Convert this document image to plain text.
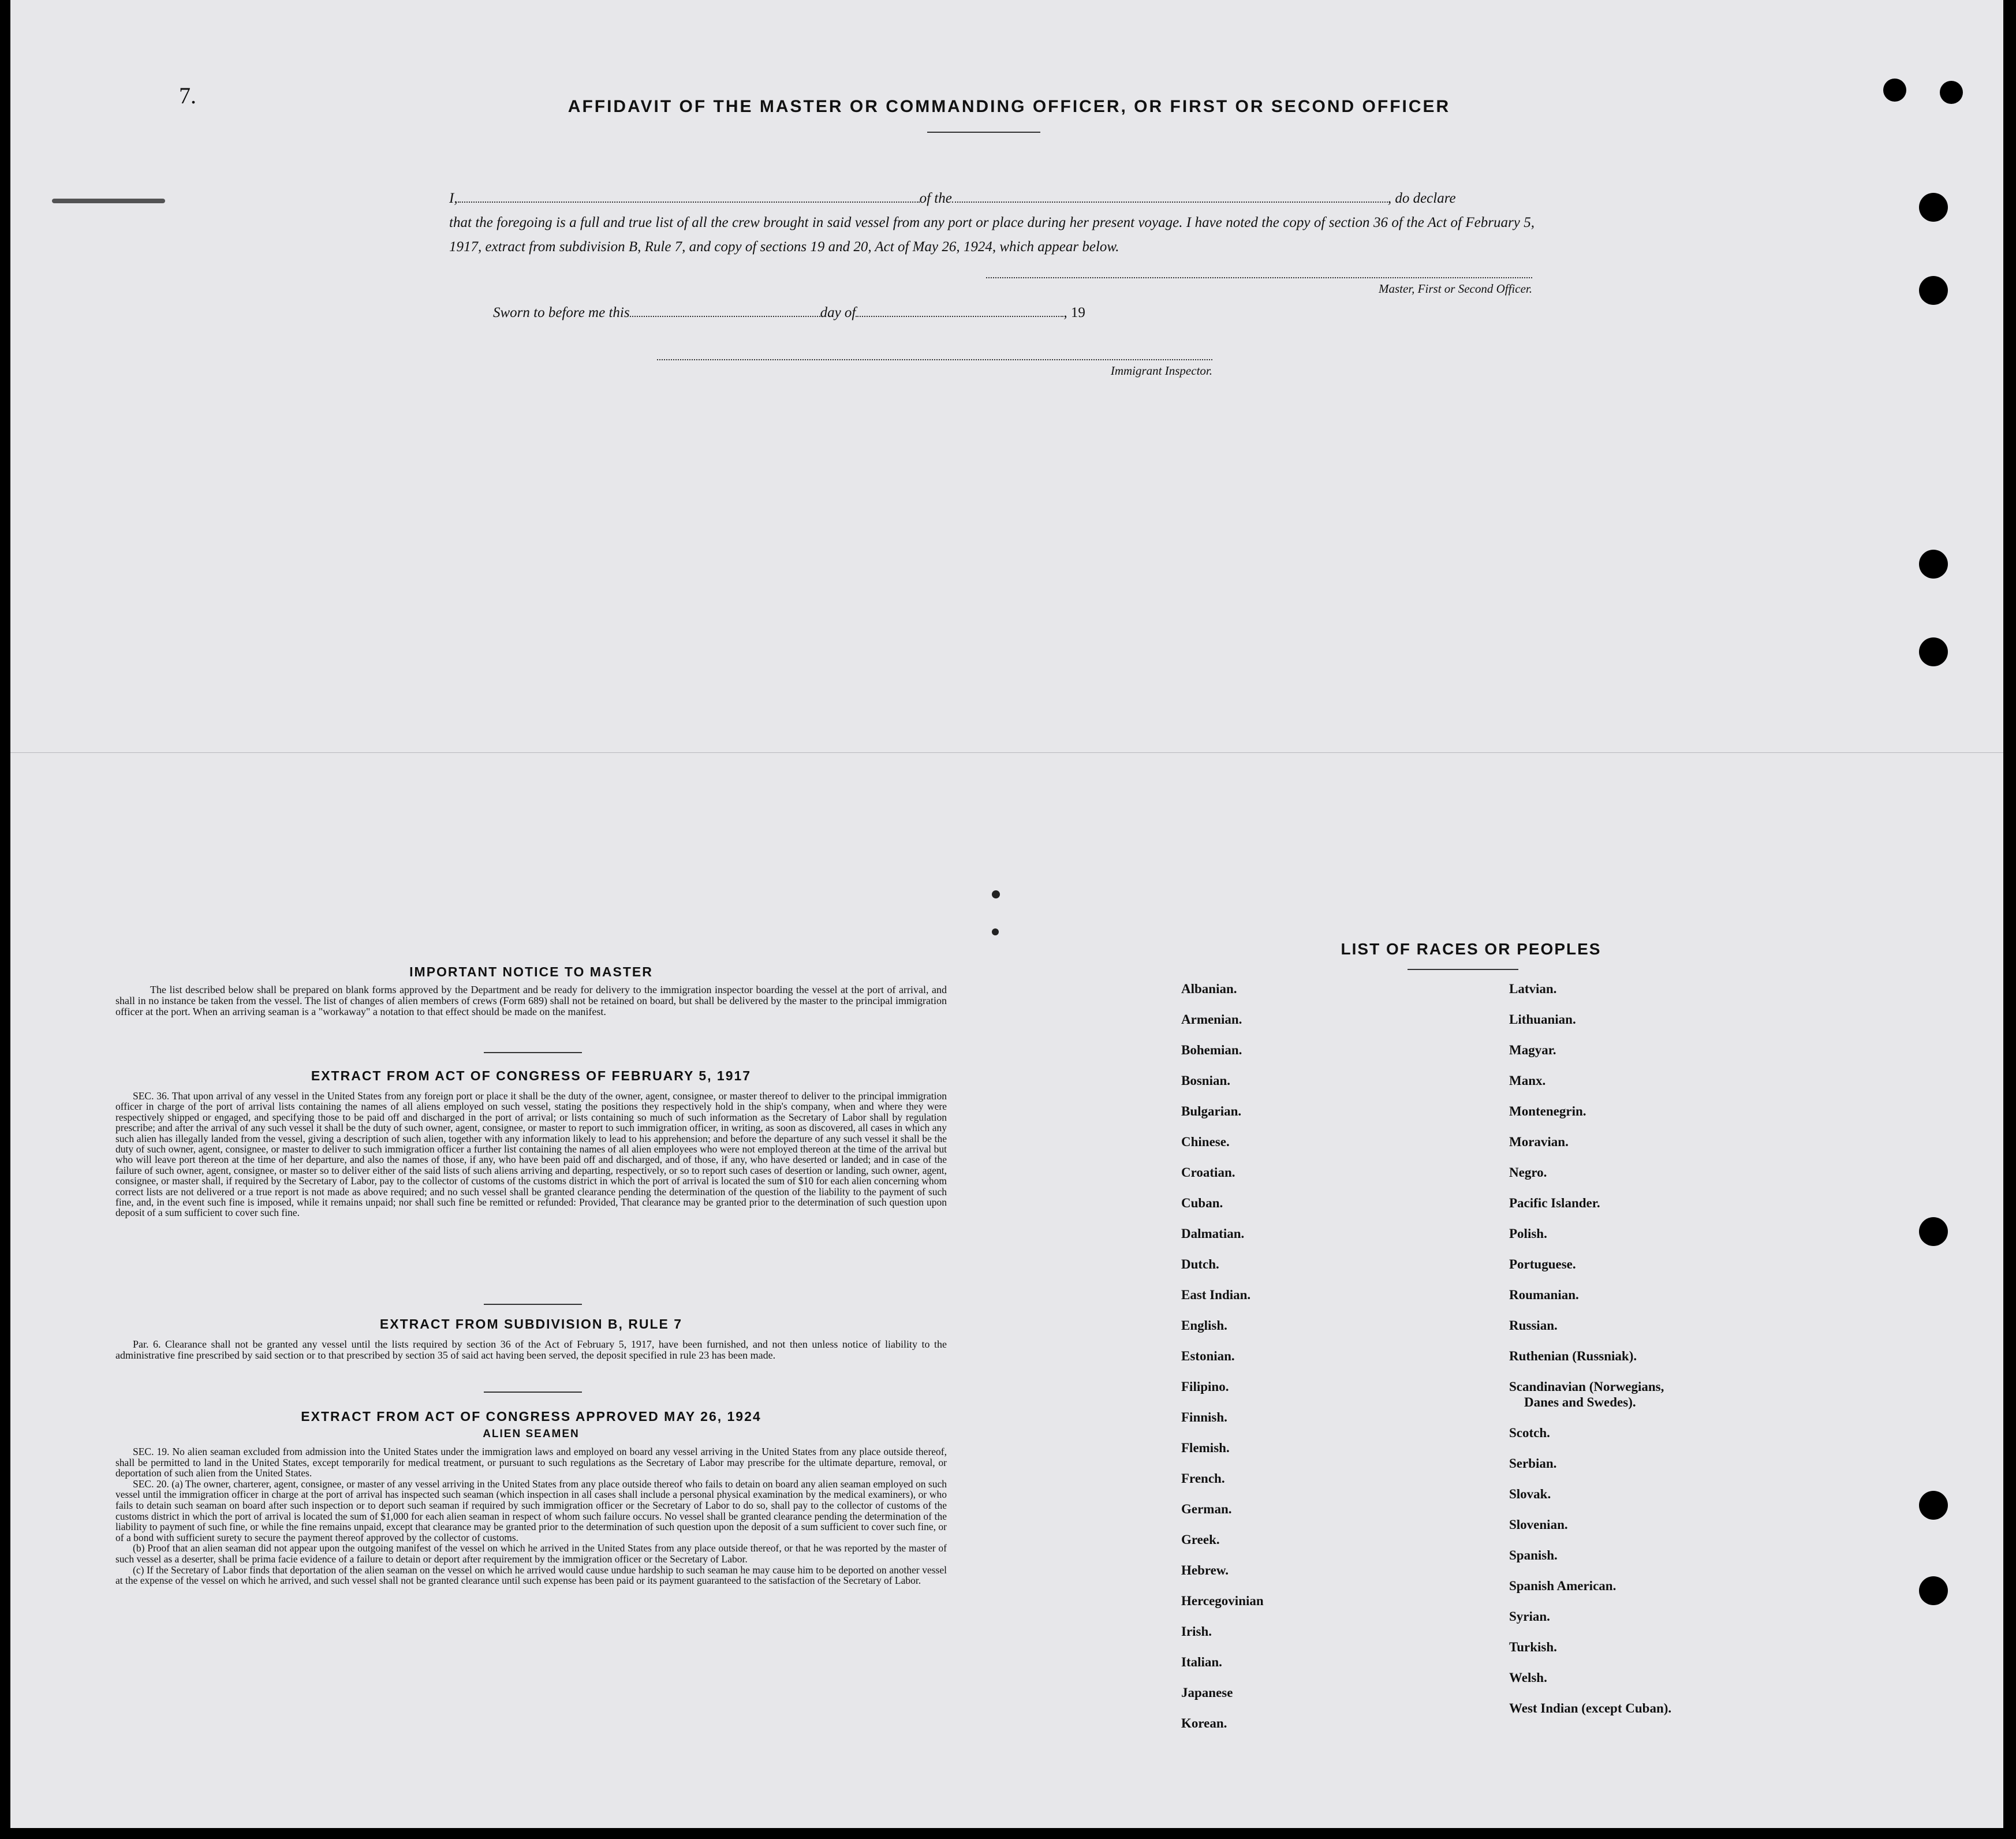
7.	AFFIDAVIT OF THE MASTER OR COMMANDING OFFICER, OR FIRST OR SECOND OFFICER
I,	of the	, do declare
that the foregoing is a full and true list of all the crew brought in said vessel from any port or place during her present voyage. I have noted the copy of section 36 of the Act of February 5, 1917, extract from subdivision B, Rule 7, and copy of sections 19 and 20, Act of May 26, 1924, which appear below.
Master, First or Second Officer.
Sworn to before me this	day of	, 19
Immigrant Inspector.
IMPORTANT NOTICE TO MASTER

The list described below shall be prepared on blank forms approved by the Department and be ready for delivery to the immigration inspector boarding the vessel at the port of arrival, and shall in no instance be taken from the vessel. The list of changes of alien members of crews (Form 689) shall not be retained on board, but shall be delivered by the master to the principal immigration officer at the port. When an arriving seaman is a "workaway" a notation to that effect should be made on the manifest.

EXTRACT FROM ACT OF CONGRESS OF FEBRUARY 5, 1917

SEC. 36. That upon arrival of any vessel in the United States from any foreign port or place it shall be the duty of the owner, agent, consignee, or master thereof to deliver to the principal immigration officer in charge of the port of arrival lists containing the names of all aliens employed on such vessel, stating the positions they respectively hold in the ship's company, when and where they were respectively shipped or engaged, and specifying those to be paid off and discharged in the port of arrival; or lists containing so much of such information as the Secretary of Labor shall by regulation prescribe; and after the arrival of any such vessel it shall be the duty of such owner, agent, consignee, or master to report to such immigration officer, in writing, as soon as discovered, all cases in which any such alien has illegally landed from the vessel, giving a description of such alien, together with any information likely to lead to his apprehension; and before the departure of any such vessel it shall be the duty of such owner, agent, consignee, or master to deliver to such immigration officer a further list containing the names of all alien employees who were not employed thereon at the time of the arrival but who will leave port thereon at the time of her departure, and also the names of those, if any, who have been paid off and discharged, and of those, if any, who have deserted or landed; and in case of the failure of such owner, agent, consignee, or master so to deliver either of the said lists of such aliens arriving and departing, respectively, or so to report such cases of desertion or landing, such owner, agent, consignee, or master shall, if required by the Secretary of Labor, pay to the collector of customs of the customs district in which the port of arrival is located the sum of $10 for each alien concerning whom correct lists are not delivered or a true report is not made as above required; and no such vessel shall be granted clearance pending the determination of the question of the liability to the payment of such fine, and, in the event such fine is imposed, while it remains unpaid; nor shall such fine be remitted or refunded: Provided, That clearance may be granted prior to the determination of such question upon deposit of a sum sufficient to cover such fine.

EXTRACT FROM SUBDIVISION B, RULE 7

Par. 6. Clearance shall not be granted any vessel until the lists required by section 36 of the Act of February 5, 1917, have been furnished, and not then unless notice of liability to the administrative fine prescribed by said section or to that prescribed by section 35 of said act having been served, the deposit specified in rule 23 has been made.

EXTRACT FROM ACT OF CONGRESS APPROVED MAY 26, 1924
ALIEN SEAMEN

SEC. 19. No alien seaman excluded from admission into the United States under the immigration laws and employed on board any vessel arriving in the United States from any place outside thereof, shall be permitted to land in the United States, except temporarily for medical treatment, or pursuant to such regulations as the Secretary of Labor may prescribe for the ultimate departure, removal, or deportation of such alien from the United States.

SEC. 20. (a) The owner, charterer, agent, consignee, or master of any vessel arriving in the United States from any place outside thereof who fails to detain on board any alien seaman employed on such vessel until the immigration officer in charge at the port of arrival has inspected such seaman (which inspection in all cases shall include a personal physical examination by the medical examiners), or who fails to detain such seaman on board after such inspection or to deport such seaman if required by such immigration officer or the Secretary of Labor to do so, shall pay to the collector of customs of the customs district in which the port of arrival is located the sum of $1,000 for each alien seaman in respect of whom such failure occurs. No vessel shall be granted clearance pending the determination of the liability to payment of such fine, or while the fine remains unpaid, except that clearance may be granted prior to the determination of such question upon the deposit of a sum sufficient to cover such fine, or of a bond with sufficient surety to secure the payment thereof approved by the collector of customs.

(b) Proof that an alien seaman did not appear upon the outgoing manifest of the vessel on which he arrived in the United States from any place outside thereof, or that he was reported by the master of such vessel as a deserter, shall be prima facie evidence of a failure to detain or deport after requirement by the immigration officer or the Secretary of Labor.

(c) If the Secretary of Labor finds that deportation of the alien seaman on the vessel on which he arrived would cause undue hardship to such seaman he may cause him to be deported on another vessel at the expense of the vessel on which he arrived, and such vessel shall not be granted clearance until such expense has been paid or its payment guaranteed to the satisfaction of the Secretary of Labor.

LIST OF RACES OR PEOPLES
Albanian.
Armenian.
Bohemian.
Bosnian.
Bulgarian.
Chinese.
Croatian.
Cuban.
Dalmatian.
Dutch.
East Indian.
English.
Estonian.
Filipino.
Finnish.
Flemish.
French.
German.
Greek.
Hebrew.
Hercegovinian
Irish.
Italian.
Japanese
Korean.
Latvian.
Lithuanian.
Magyar.
Manx.
Montenegrin.
Moravian.
Negro.
Pacific Islander.
Polish.
Portuguese.
Roumanian.
Russian.
Ruthenian (Russniak).
Scandinavian (Norwegians,
Danes and Swedes).
Scotch.
Serbian.
Slovak.
Slovenian.
Spanish.
Spanish American.
Syrian.
Turkish.
Welsh.
West Indian (except Cuban).
